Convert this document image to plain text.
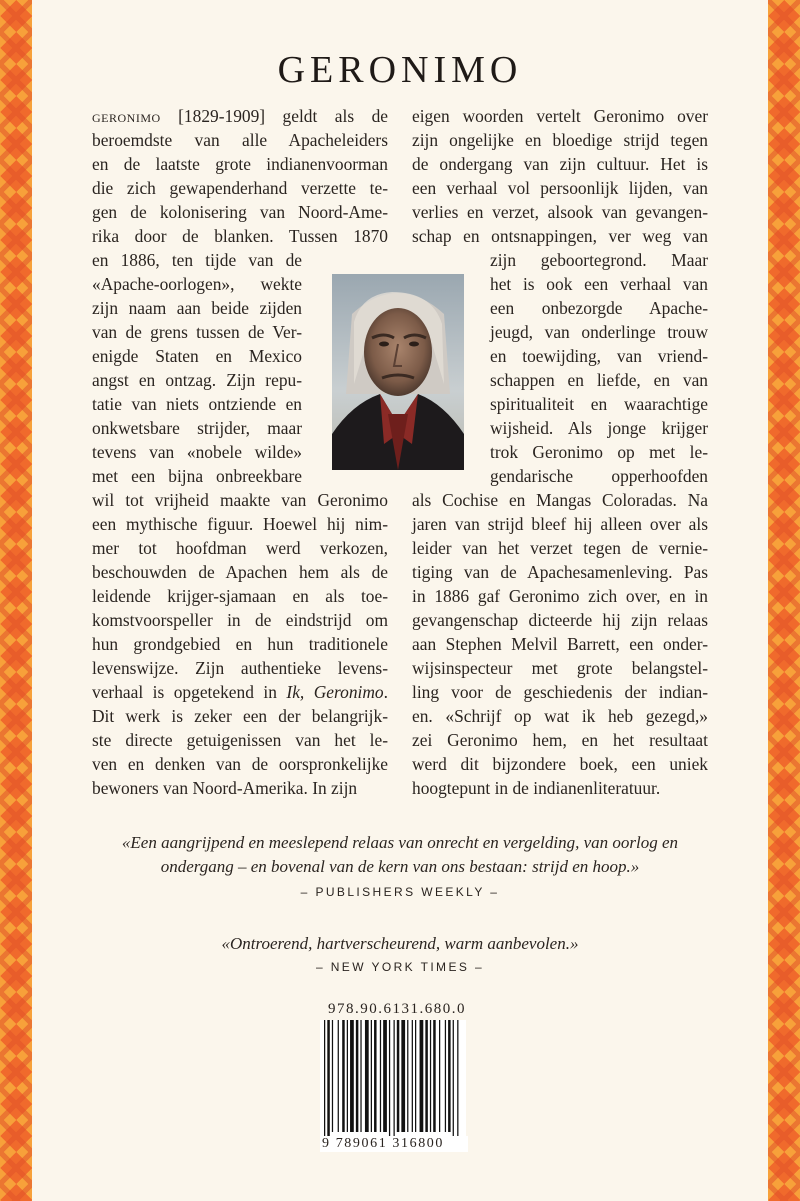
GERONIMO
geronimo [1829-1909] geldt als de
beroemdste van alle Apacheleiders
en de laatste grote indianenvoorman
die zich gewapenderhand verzette te-
gen de kolonisering van Noord-Ame-
rika door de blanken. Tussen 1870
en 1886, ten tijde van de
«Apache-oorlogen», wekte
zijn naam aan beide zijden
van de grens tussen de Ver-
enigde Staten en Mexico
angst en ontzag. Zijn repu-
tatie van niets ontziende en
onkwetsbare strijder, maar
tevens van «nobele wilde»
met een bijna onbreekbare
wil tot vrijheid maakte van Geronimo
een mythische figuur. Hoewel hij nim-
mer tot hoofdman werd verkozen,
beschouwden de Apachen hem als de
leidende krijger-sjamaan en als toe-
komstvoorspeller in de eindstrijd om
hun grondgebied en hun traditionele
levenswijze. Zijn authentieke levens-
verhaal is opgetekend in Ik, Geronimo.
Dit werk is zeker een der belangrijk-
ste directe getuigenissen van het le-
ven en denken van de oorspronkelijke
bewoners van Noord-Amerika. In zijn
eigen woorden vertelt Geronimo over
zijn ongelijke en bloedige strijd tegen
de ondergang van zijn cultuur. Het is
een verhaal vol persoonlijk lijden, van
verlies en verzet, alsook van gevangen-
schap en ontsnappingen, ver weg van
zijn geboortegrond. Maar
het is ook een verhaal van
een onbezorgde Apache-
jeugd, van onderlinge trouw
en toewijding, van vriend-
schappen en liefde, en van
spiritualiteit en waarachtige
wijsheid. Als jonge krijger
trok Geronimo op met le-
gendarische opperhoofden
als Cochise en Mangas Coloradas. Na
jaren van strijd bleef hij alleen over als
leider van het verzet tegen de vernie-
tiging van de Apachesamenleving. Pas
in 1886 gaf Geronimo zich over, en in
gevangenschap dicteerde hij zijn relaas
aan Stephen Melvil Barrett, een onder-
wijsinspecteur met grote belangstel-
ling voor de geschiedenis der indian-
en. «Schrijf op wat ik heb gezegd,»
zei Geronimo hem, en het resultaat
werd dit bijzondere boek, een uniek
hoogtepunt in de indianenliteratuur.
«Een aangrijpend en meeslepend relaas van onrecht en vergelding, van oorlog en
ondergang – en bovenal van de kern van ons bestaan: strijd en hoop.»
– PUBLISHERS WEEKLY –
«Ontroerend, hartverscheurend, warm aanbevolen.»
– NEW YORK TIMES –
978.90.6131.680.0
9 789061 316800
